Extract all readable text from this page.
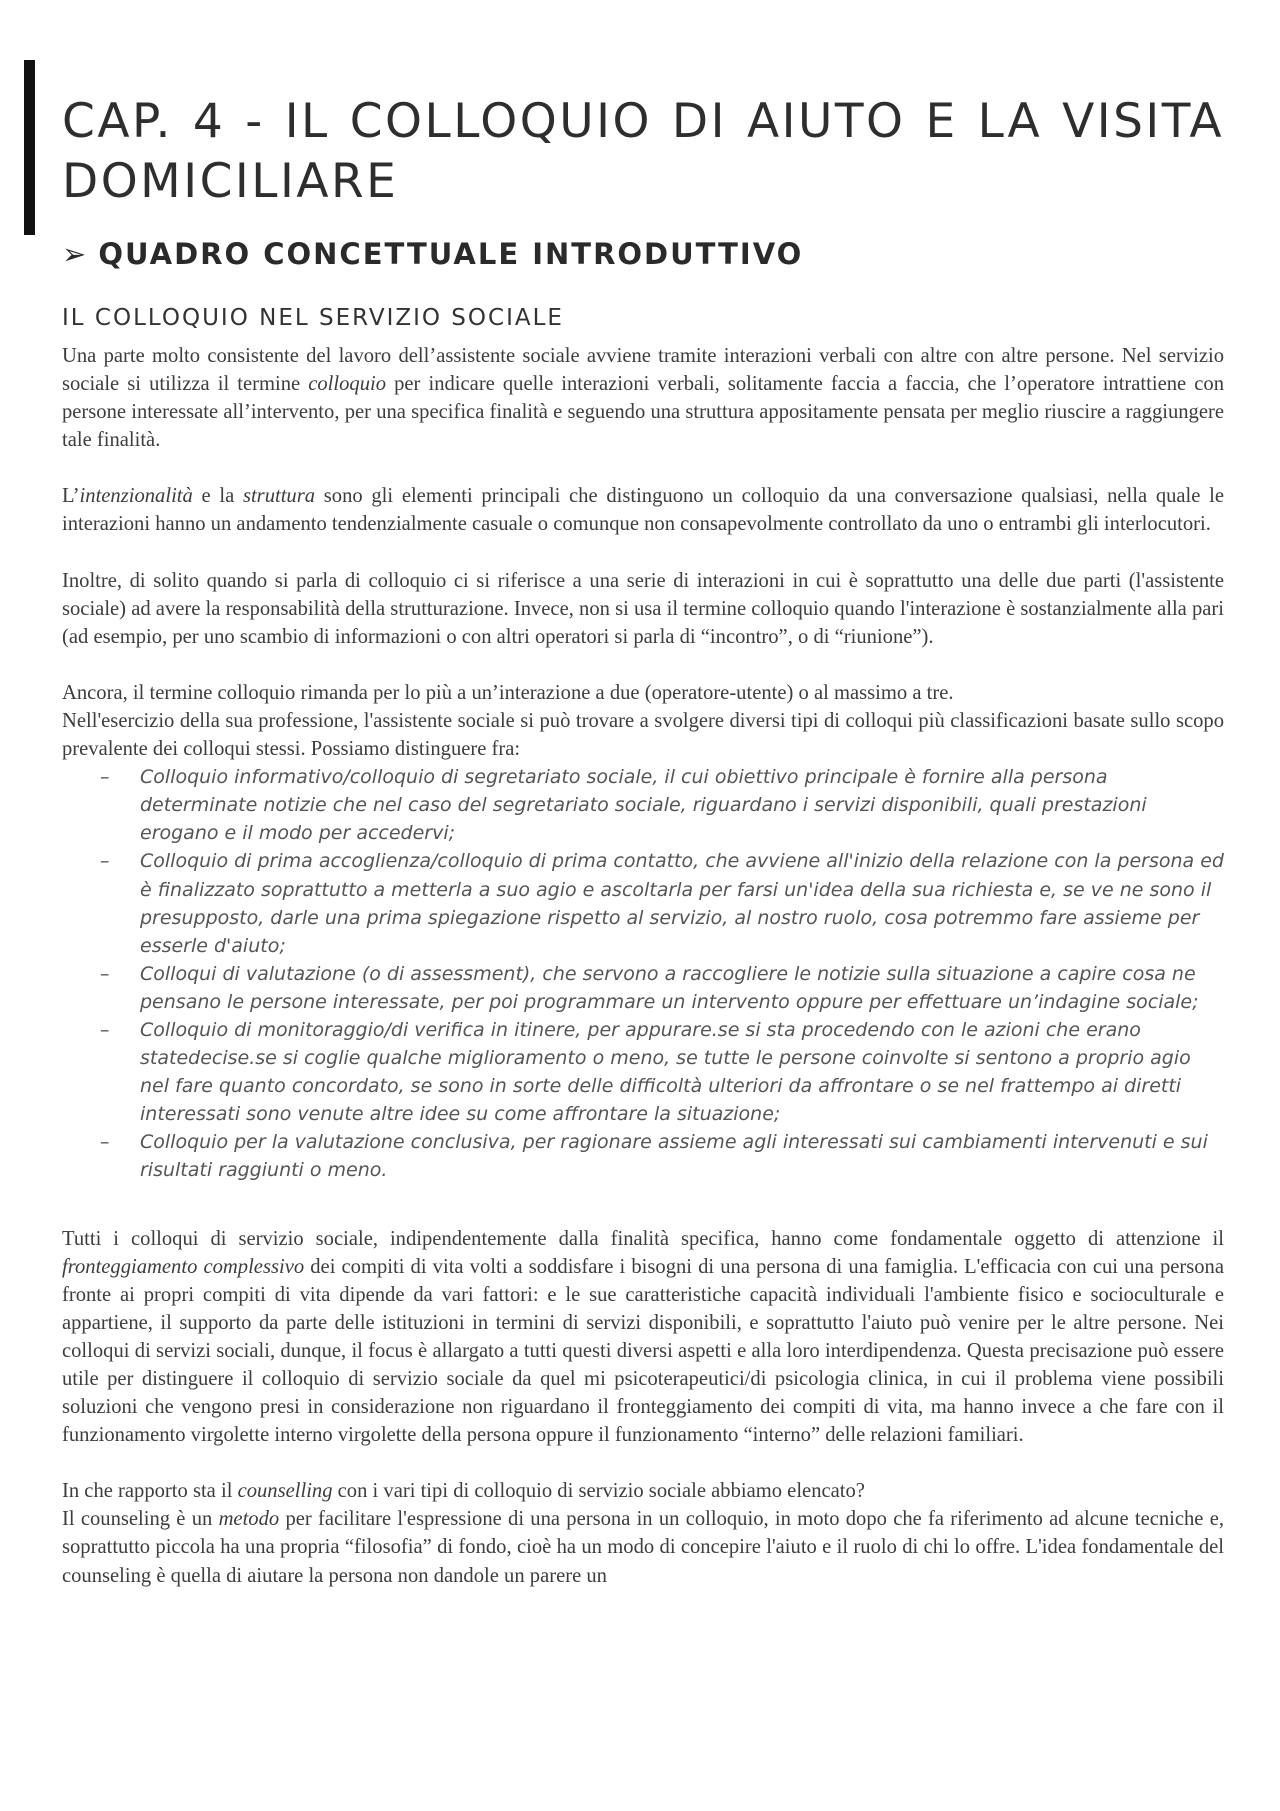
CAP. 4 - IL COLLOQUIO DI AIUTO E LA VISITA DOMICILIARE
➢ QUADRO CONCETTUALE INTRODUTTIVO
IL COLLOQUIO NEL SERVIZIO SOCIALE

Una parte molto consistente del lavoro dell’assistente sociale avviene tramite interazioni verbali con altre con altre persone. Nel servizio sociale si utilizza il termine colloquio per indicare quelle interazioni verbali, solitamente faccia a faccia, che l’operatore intrattiene con persone interessate all’intervento, per una specifica finalità e seguendo una struttura appositamente pensata per meglio riuscire a raggiungere tale finalità.

L’intenzionalità e la struttura sono gli elementi principali che distinguono un colloquio da una conversazione qualsiasi, nella quale le interazioni hanno un andamento tendenzialmente casuale o comunque non consapevolmente controllato da uno o entrambi gli interlocutori.

Inoltre, di solito quando si parla di colloquio ci si riferisce a una serie di interazioni in cui è soprattutto una delle due parti (l'assistente sociale) ad avere la responsabilità della strutturazione. Invece, non si usa il termine colloquio quando l'interazione è sostanzialmente alla pari (ad esempio, per uno scambio di informazioni o con altri operatori si parla di “incontro”, o di “riunione”).

Ancora, il termine colloquio rimanda per lo più a un’interazione a due (operatore-utente) o al massimo a tre.

Nell'esercizio della sua professione, l'assistente sociale si può trovare a svolgere diversi tipi di colloqui più classificazioni basate sullo scopo prevalente dei colloqui stessi. Possiamo distinguere fra:

– Colloquio informativo/colloquio di segretariato sociale, il cui obiettivo principale è fornire alla persona determinate notizie che nel caso del segretariato sociale, riguardano i servizi disponibili, quali prestazioni erogano e il modo per accedervi;
– Colloquio di prima accoglienza/colloquio di prima contatto, che avviene all'inizio della relazione con la persona ed è finalizzato soprattutto a metterla a suo agio e ascoltarla per farsi un'idea della sua richiesta e, se ve ne sono il presupposto, darle una prima spiegazione rispetto al servizio, al nostro ruolo, cosa potremmo fare assieme per esserle d'aiuto;
– Colloqui di valutazione (o di assessment), che servono a raccogliere le notizie sulla situazione a capire cosa ne pensano le persone interessate, per poi programmare un intervento oppure per effettuare un’indagine sociale;
– Colloquio di monitoraggio/di verifica in itinere, per appurare.se si sta procedendo con le azioni che erano statedecise.se si coglie qualche miglioramento o meno, se tutte le persone coinvolte si sentono a proprio agio nel fare quanto concordato, se sono in sorte delle difficoltà ulteriori da affrontare o se nel frattempo ai diretti interessati sono venute altre idee su come affrontare la situazione;
– Colloquio per la valutazione conclusiva, per ragionare assieme agli interessati sui cambiamenti intervenuti e sui risultati raggiunti o meno.

Tutti i colloqui di servizio sociale, indipendentemente dalla finalità specifica, hanno come fondamentale oggetto di attenzione il fronteggiamento complessivo dei compiti di vita volti a soddisfare i bisogni di una persona di una famiglia. L'efficacia con cui una persona fronte ai propri compiti di vita dipende da vari fattori: e le sue caratteristiche capacità individuali l'ambiente fisico e socioculturale e appartiene, il supporto da parte delle istituzioni in termini di servizi disponibili, e soprattutto l'aiuto può venire per le altre persone. Nei colloqui di servizi sociali, dunque, il focus è allargato a tutti questi diversi aspetti e alla loro interdipendenza. Questa precisazione può essere utile per distinguere il colloquio di servizio sociale da quel mi psicoterapeutici/di psicologia clinica, in cui il problema viene possibili soluzioni che vengono presi in considerazione non riguardano il fronteggiamento dei compiti di vita, ma hanno invece a che fare con il funzionamento virgolette interno virgolette della persona oppure il funzionamento “interno” delle relazioni familiari.

In che rapporto sta il counselling con i vari tipi di colloquio di servizio sociale abbiamo elencato?

Il counseling è un metodo per facilitare l'espressione di una persona in un colloquio, in moto dopo che fa riferimento ad alcune tecniche e, soprattutto piccola ha una propria “filosofia” di fondo, cioè ha un modo di concepire l'aiuto e il ruolo di chi lo offre. L'idea fondamentale del counseling è quella di aiutare la persona non dandole un parere un
